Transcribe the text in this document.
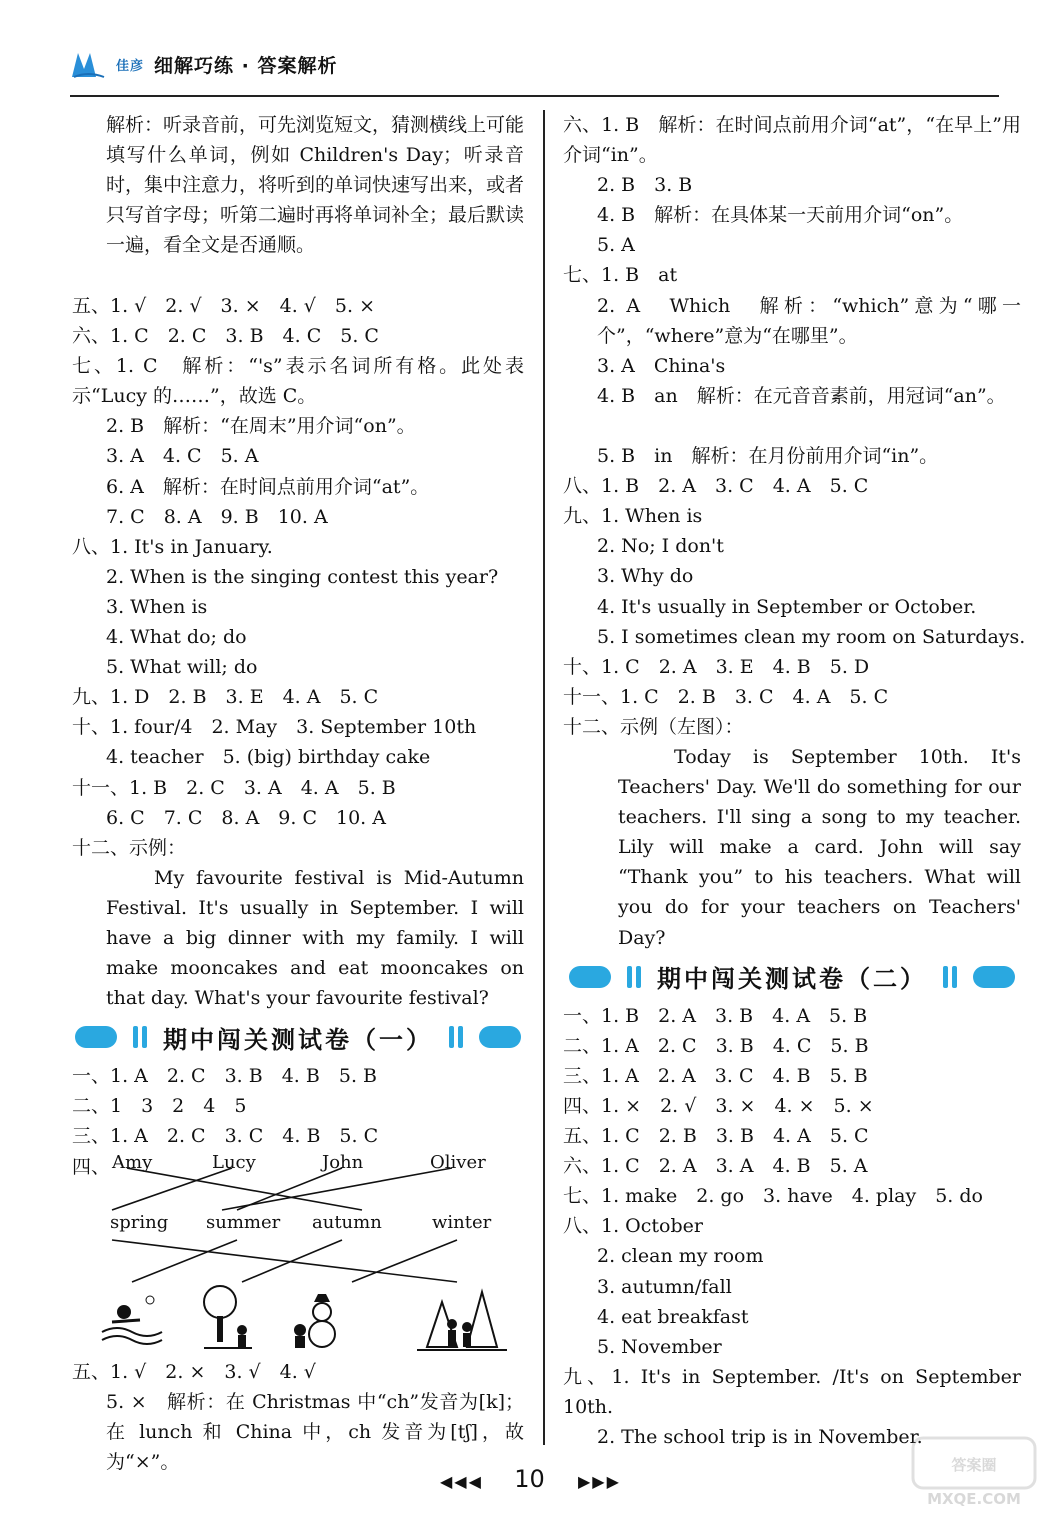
佳彦 细解巧练 · 答案解析
解析：听录音前，可先浏览短文，猜测横线上可能填写什么单词，例如 Children's Day；听录音时，集中注意力，将听到的单词快速写出来，或者只写首字母；听第二遍时再将单词补全；最后默读一遍，看全文是否通顺。
五、1. √　2. √　3. ×　4. √　5. ×
六、1. C　2. C　3. B　4. C　5. C
七、1. C　解析：“'s”表示名词所有格。此处表示“Lucy 的……”，故选 C。
2. B　解析：“在周末”用介词“on”。
3. A　4. C　5. A
6. A　解析：在时间点前用介词“at”。
7. C　8. A　9. B　10. A
八、1. It's in January.
2. When is the singing contest this year?
3. When is
4. What do; do
5. What will; do
九、1. D　2. B　3. E　4. A　5. C
十、1. four/4　2. May　3. September 10th
4. teacher　5. (big) birthday cake
十一、1. B　2. C　3. A　4. A　5. B
6. C　7. C　8. A　9. C　10. A
十二、示例：
My favourite festival is Mid-Autumn Festival. It's usually in September. I will have a big dinner with my family. I will make mooncakes and eat mooncakes on that day. What's your favourite festival?
期中闯关测试卷（一）
一、1. A　2. C　3. B　4. B　5. B
二、1　3　2　4　5
三、1. A　2. C　3. C　4. B　5. C
四、 Amy	Lucy	John	Oliver
spring summer autumn	winter
五、1. √　2. ×　3. √　4. √
5. ×　解析：在 Christmas 中“ch”发音为[k]；在 lunch 和 China 中，ch 发音为[tʃ]，故为“×”。
六、1. B　解析：在时间点前用介词“at”，“在早上”用介词“in”。
2. B　3. B
4. B　解析：在具体某一天前用介词“on”。
5. A
七、1. B　at
2. A　Which　解析：“which”意为“哪一个”，“where”意为“在哪里”。
3. A　China's
4. B　an　解析：在元音音素前，用冠词“an”。
5. B　in　解析：在月份前用介词“in”。
八、1. B　2. A　3. C　4. A　5. C
九、1. When is
2. No; I don't
3. Why do
4. It's usually in September or October.
5. I sometimes clean my room on Saturdays.
十、1. C　2. A　3. E　4. B　5. D
十一、1. C　2. B　3. C　4. A　5. C
十二、示例（左图）：
Today is September 10th. It's Teachers' Day. We'll do something for our teachers. I'll sing a song to my teacher. Lily will make a card. John will say “Thank you” to his teachers. What will you do for your teachers on Teachers' Day?
期中闯关测试卷（二）
一、1. B　2. A　3. B　4. A　5. B
二、1. A　2. C　3. B　4. C　5. B
三、1. A　2. A　3. C　4. B　5. B
四、1. ×　2. √　3. ×　4. ×　5. ×
五、1. C　2. B　3. B　4. A　5. C
六、1. C　2. A　3. A　4. B　5. A
七、1. make　2. go　3. have　4. play　5. do
八、1. October
2. clean my room
3. autumn/fall
4. eat breakfast
5. November
九、1. It's in September. /It's on September 10th.
2. The school trip is in November.
◀◀◀	10	▶▶▶
答案圈 MXQE.COM
